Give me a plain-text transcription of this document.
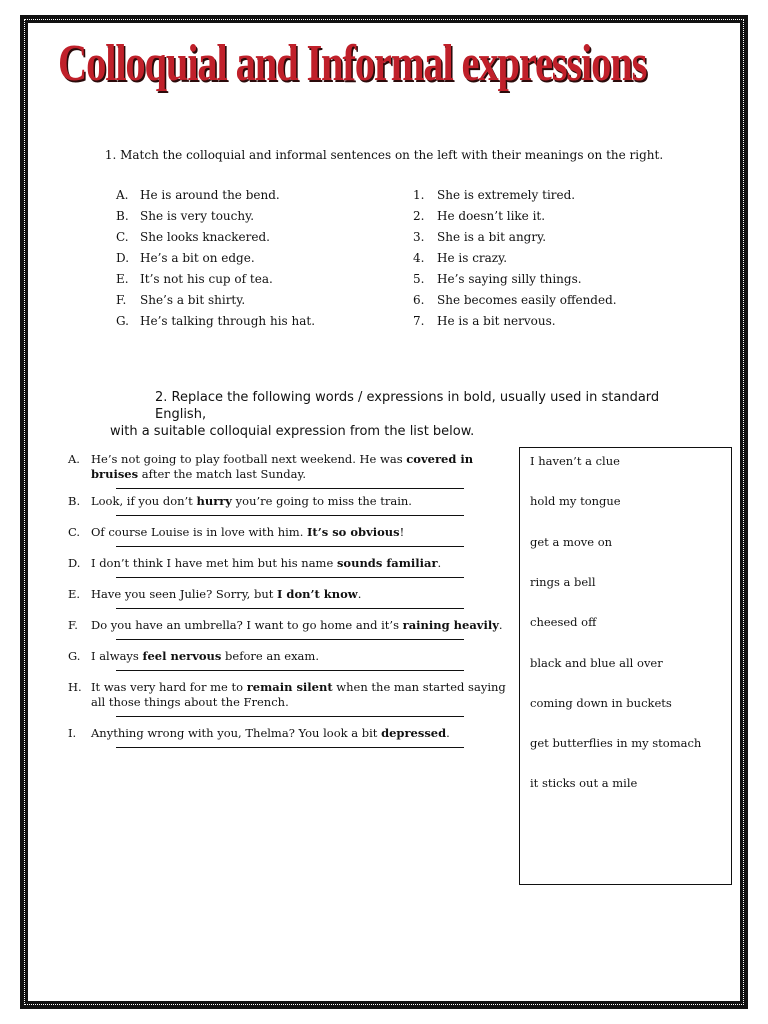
Colloquial and Informal expressions
1. Match the colloquial and informal sentences on the left with their meanings on the right.
A. He is around the bend.
B. She is very touchy.
C. She looks knackered.
D. He’s a bit on edge.
E. It’s not his cup of tea.
F.	She’s a bit shirty.
G. He’s talking through his hat.
1.	She is extremely tired.
2.	He doesn’t like it.
3.	She is a bit angry.
4.	He is crazy.
5.	He’s saying silly things.
6.	She becomes easily offended.
7.	He is a bit nervous.
2. Replace the following words / expressions in bold, usually used in standard English,
with a suitable colloquial expression from the list below.
A. He’s not going to play football next weekend. He was covered in bruises after the match last Sunday.
B. Look, if you don’t hurry you’re going to miss the train.
C. Of course Louise is in love with him. It’s so obvious!
D. I don’t think I have met him but his name sounds familiar.
E. Have you seen Julie? Sorry, but I don’t know.
F.	Do you have an umbrella? I want to go home and it’s raining heavily.
G. I always feel nervous before an exam.
H. It was very hard for me to remain silent when the man started saying all those things about the French.
I.	Anything wrong with you, Thelma? You look a bit depressed.
I haven’t a clue
hold my tongue
get a move on
rings a bell
cheesed off
black and blue all over
coming down in buckets
get butterflies in my stomach
it sticks out a mile
